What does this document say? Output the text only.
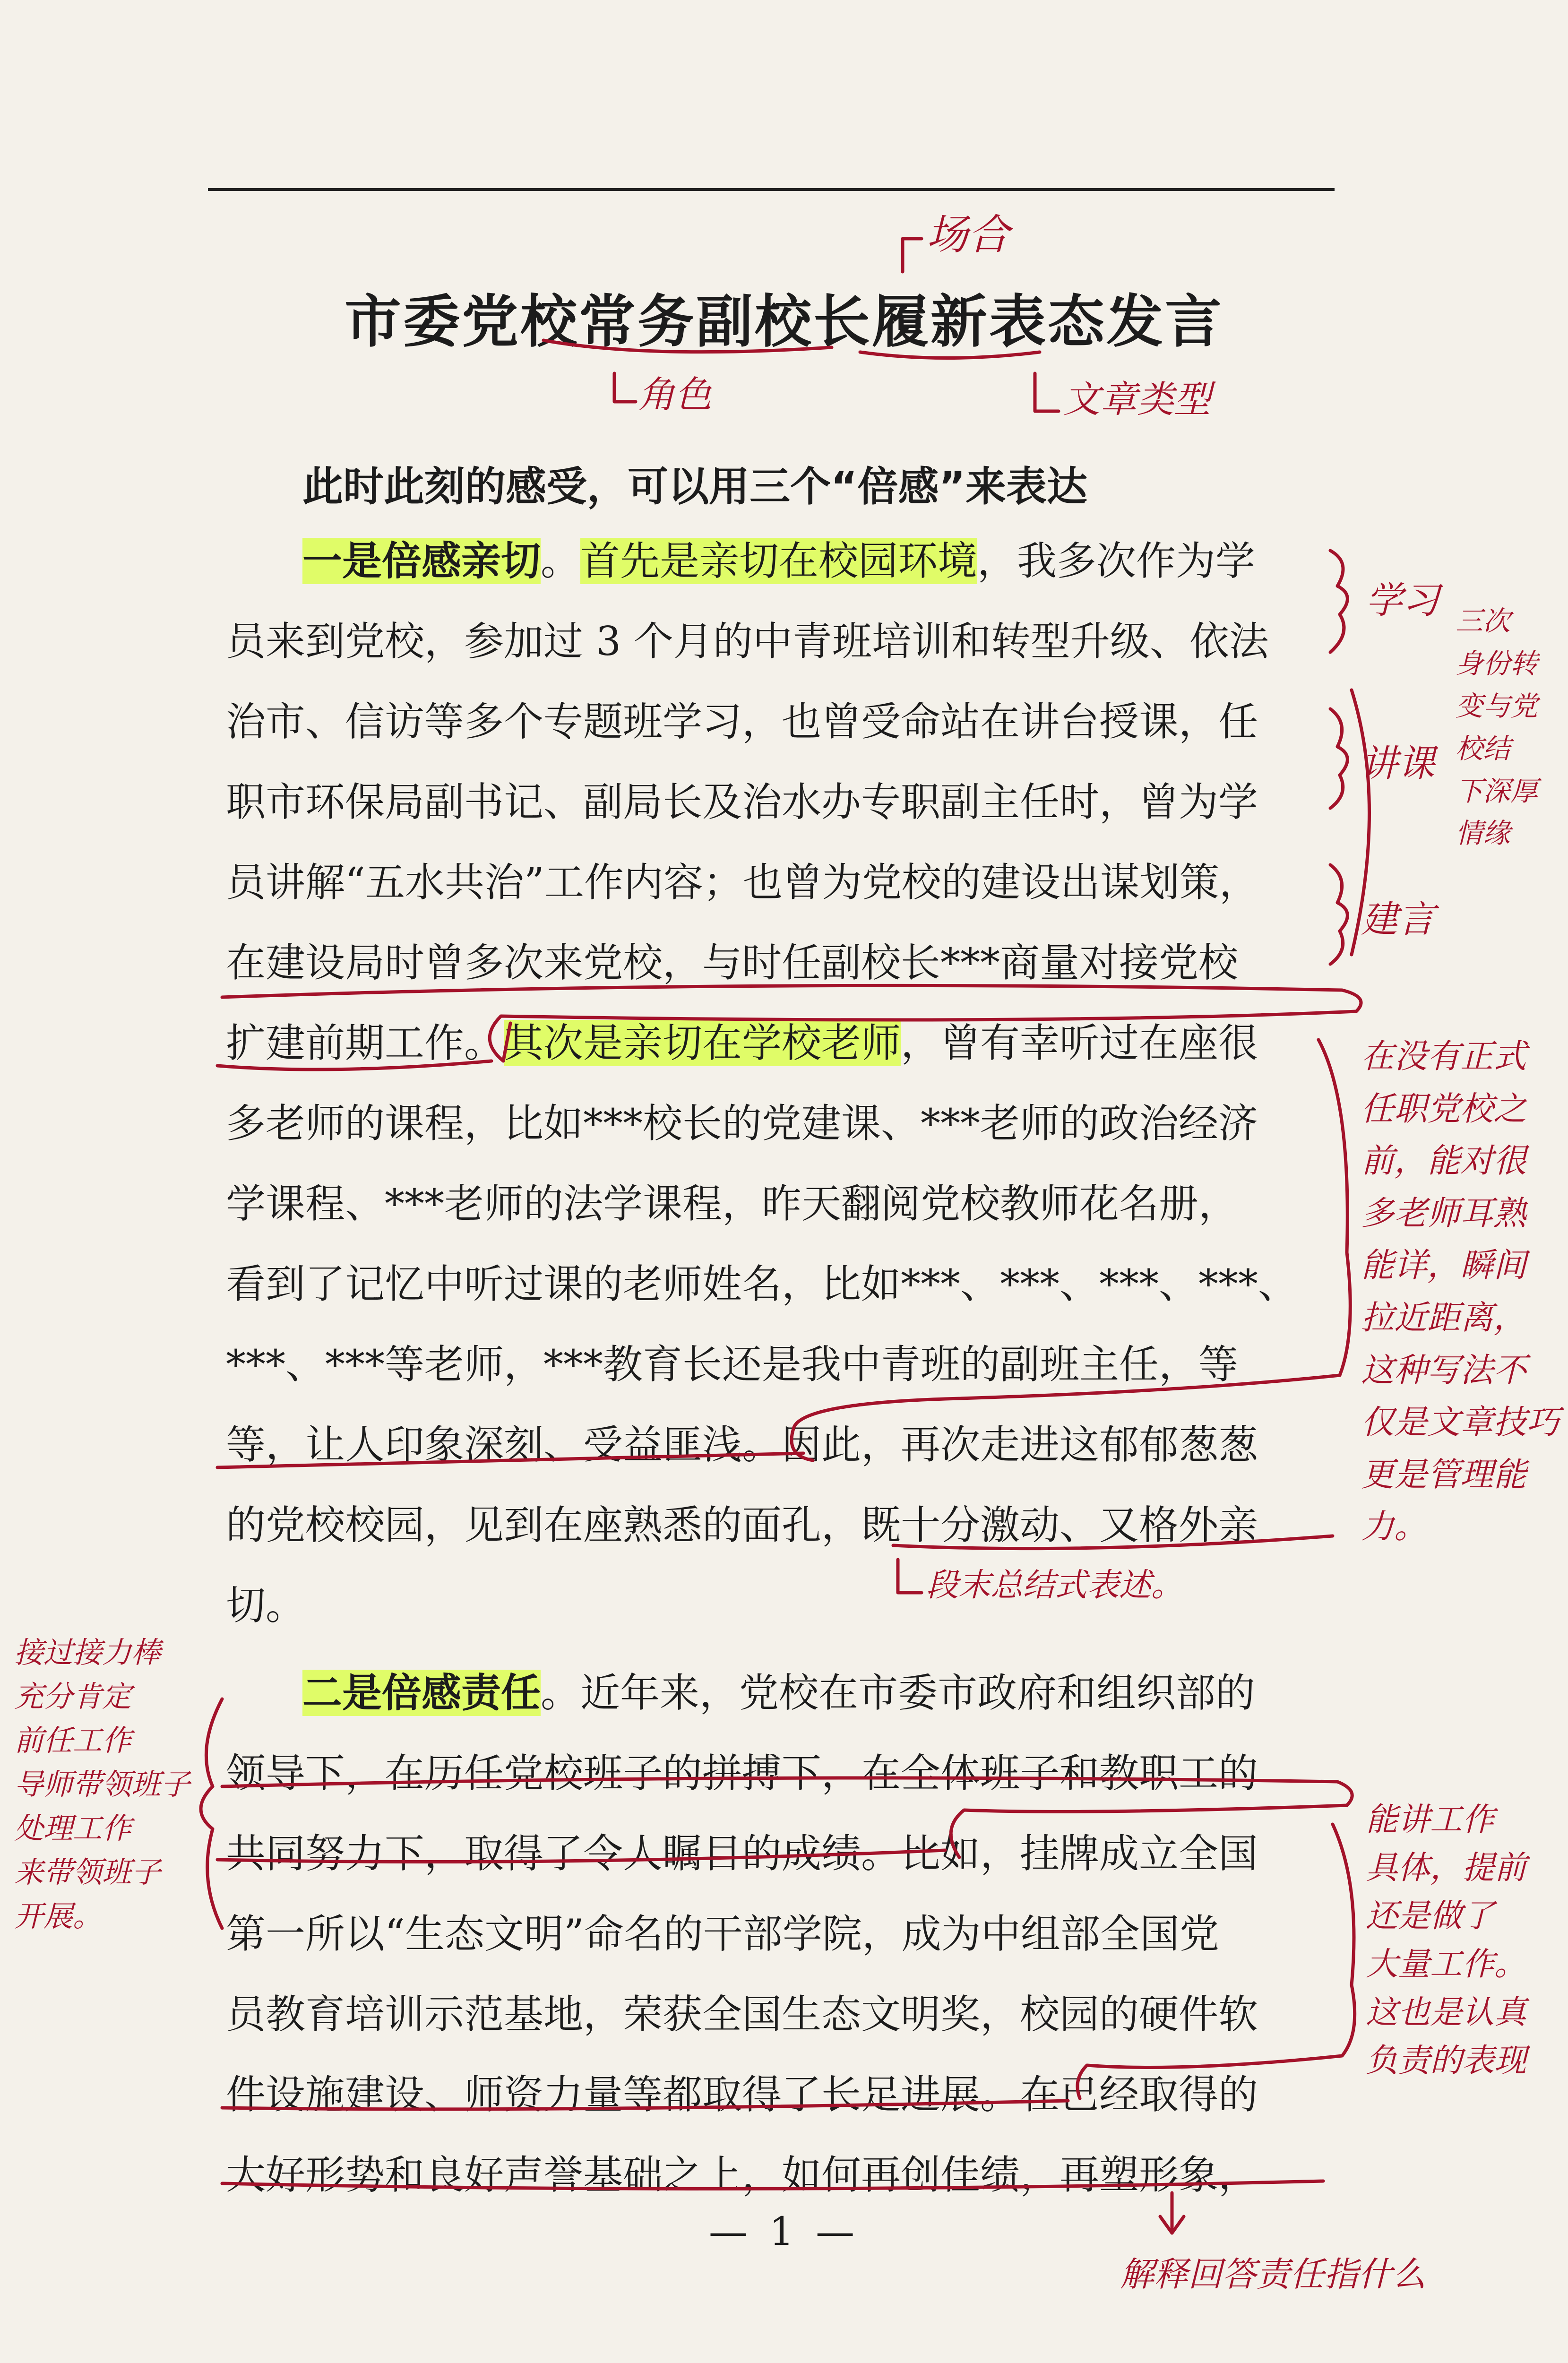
市委党校常务副校长履新表态发言
此时此刻的感受，可以用三个“倍感”来表达
一是倍感亲切。首先是亲切在校园环境，我多次作为学
员来到党校，参加过 3 个月的中青班培训和转型升级、依法
治市、信访等多个专题班学习，也曾受命站在讲台授课，任
职市环保局副书记、副局长及治水办专职副主任时，曾为学
员讲解“五水共治”工作内容；也曾为党校的建设出谋划策，
在建设局时曾多次来党校，与时任副校长***商量对接党校
扩建前期工作。其次是亲切在学校老师，曾有幸听过在座很
多老师的课程，比如***校长的党建课、***老师的政治经济
学课程、***老师的法学课程，昨天翻阅党校教师花名册，
看到了记忆中听过课的老师姓名，比如***、***、***、***、
***、***等老师，***教育长还是我中青班的副班主任，等
等，让人印象深刻、受益匪浅。因此，再次走进这郁郁葱葱
的党校校园，见到在座熟悉的面孔，既十分激动、又格外亲
切。
二是倍感责任。近年来，党校在市委市政府和组织部的
领导下，在历任党校班子的拼搏下，在全体班子和教职工的
共同努力下，取得了令人瞩目的成绩。比如，挂牌成立全国
第一所以“生态文明”命名的干部学院，成为中组部全国党
员教育培训示范基地，荣获全国生态文明奖，校园的硬件软
件设施建设、师资力量等都取得了长足进展。在已经取得的
大好形势和良好声誉基础之上，如何再创佳绩，再塑形象，
— 1 —
场合
角色	文章类型
学习
讲课
建言
三次
身份转
变与党
校结
下深厚
情缘
在没有正式
任职党校之
前，能对很
多老师耳熟
能详，瞬间
拉近距离，
这种写法不
仅是文章技巧
更是管理能
力。
段末总结式表述。
接过接力棒
充分肯定
前任工作
导师带领班子
处理工作
来带领班子
开展。
能讲工作
具体，提前
还是做了
大量工作。
这也是认真
负责的表现
解释回答责任指什么
